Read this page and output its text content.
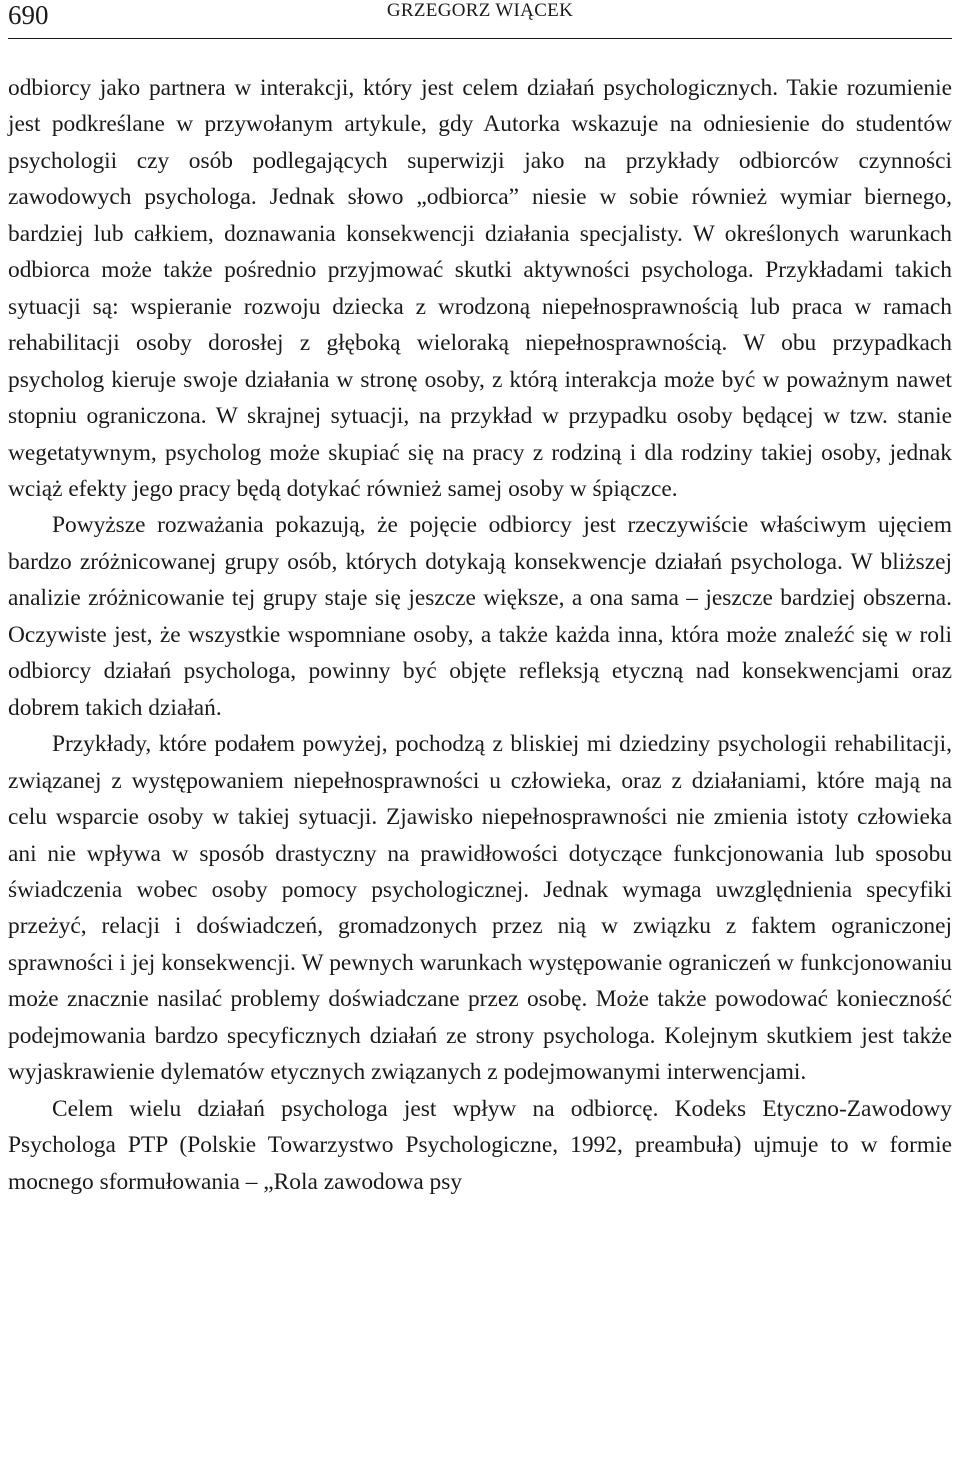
690	GRZEGORZ WIĄCEK

odbiorcy jako partnera w interakcji, który jest celem działań psychologicznych. Takie rozumienie jest podkreślane w przywołanym artykule, gdy Autorka wskazuje na odniesienie do studentów psychologii czy osób podlegających superwizji jako na przykłady odbiorców czynności zawodowych psychologa. Jednak słowo „odbiorca” niesie w sobie również wymiar biernego, bardziej lub całkiem, doznawania konsekwencji działania specjalisty. W określonych warunkach odbiorca może także pośrednio przyjmować skutki aktywności psychologa. Przykładami takich sytuacji są: wspieranie rozwoju dziecka z wrodzoną niepełnosprawnością lub praca w ramach rehabilitacji osoby dorosłej z głęboką wieloraką niepełnosprawnością. W obu przypadkach psycholog kieruje swoje działania w stronę osoby, z którą interakcja może być w poważnym nawet stopniu ograniczona. W skrajnej sytuacji, na przykład w przypadku osoby będącej w tzw. stanie wegetatywnym, psycholog może skupiać się na pracy z rodziną i dla rodziny takiej osoby, jednak wciąż efekty jego pracy będą dotykać również samej osoby w śpiączce.

Powyższe rozważania pokazują, że pojęcie odbiorcy jest rzeczywiście właściwym ujęciem bardzo zróżnicowanej grupy osób, których dotykają konsekwencje działań psychologa. W bliższej analizie zróżnicowanie tej grupy staje się jeszcze większe, a ona sama – jeszcze bardziej obszerna. Oczywiste jest, że wszystkie wspomniane osoby, a także każda inna, która może znaleźć się w roli odbiorcy działań psychologa, powinny być objęte refleksją etyczną nad konsekwencjami oraz dobrem takich działań.

Przykłady, które podałem powyżej, pochodzą z bliskiej mi dziedziny psychologii rehabilitacji, związanej z występowaniem niepełnosprawności u człowieka, oraz z działaniami, które mają na celu wsparcie osoby w takiej sytuacji. Zjawisko niepełnosprawności nie zmienia istoty człowieka ani nie wpływa w sposób drastyczny na prawidłowości dotyczące funkcjonowania lub sposobu świadczenia wobec osoby pomocy psychologicznej. Jednak wymaga uwzględnienia specyfiki przeżyć, relacji i doświadczeń, gromadzonych przez nią w związku z faktem ograniczonej sprawności i jej konsekwencji. W pewnych warunkach występowanie ograniczeń w funkcjonowaniu może znacznie nasilać problemy doświadczane przez osobę. Może także powodować konieczność podejmowania bardzo specyficznych działań ze strony psychologa. Kolejnym skutkiem jest także wyjaskrawienie dylematów etycznych związanych z podejmowanymi interwencjami.

Celem wielu działań psychologa jest wpływ na odbiorcę. Kodeks Etyczno-Zawodowy Psychologa PTP (Polskie Towarzystwo Psychologiczne, 1992, preambuła) ujmuje to w formie mocnego sformułowania – „Rola zawodowa psy
